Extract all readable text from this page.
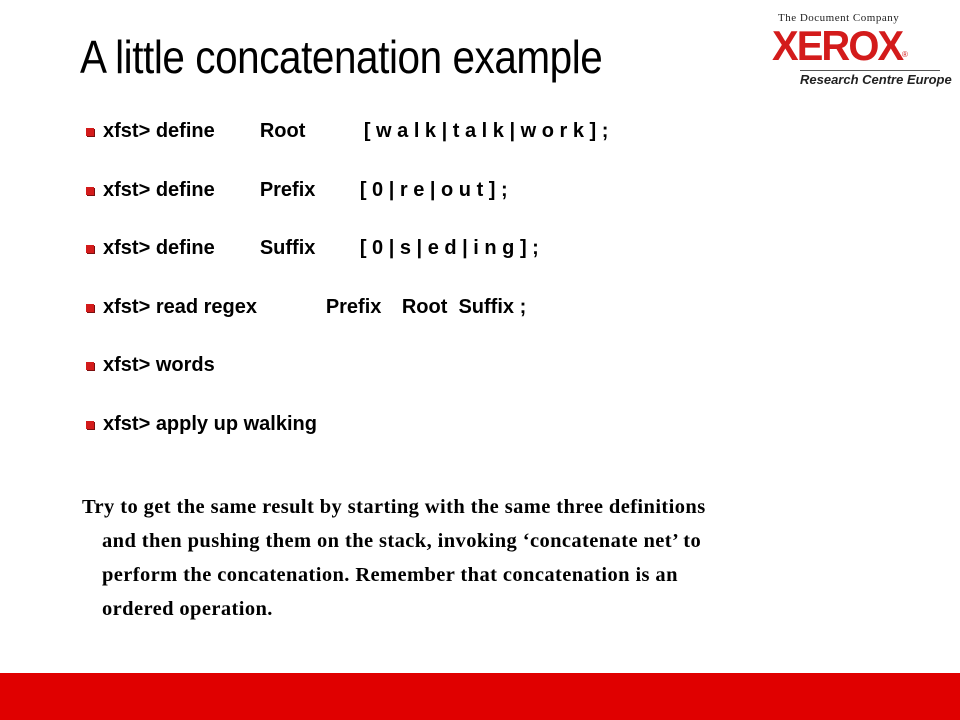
A little concatenation example
The Document Company
XEROX ®
Research Centre Europe
xfst>
define	Root	[ w a l k | t a l k | w o r k ] ;
xfst>
define	Prefix	[ 0 | r e | o u t ] ;
xfst>
define	Suffix	[ 0 | s | e d | i n g ] ;
xfst>
read regex	Prefix	Root  Suffix ;
xfst>
words
xfst>
apply up walking
Try to get the same result by starting with the same three definitions
and then pushing them on the stack, invoking ‘concatenate net’ to
perform the concatenation. Remember that concatenation is an
ordered operation.
